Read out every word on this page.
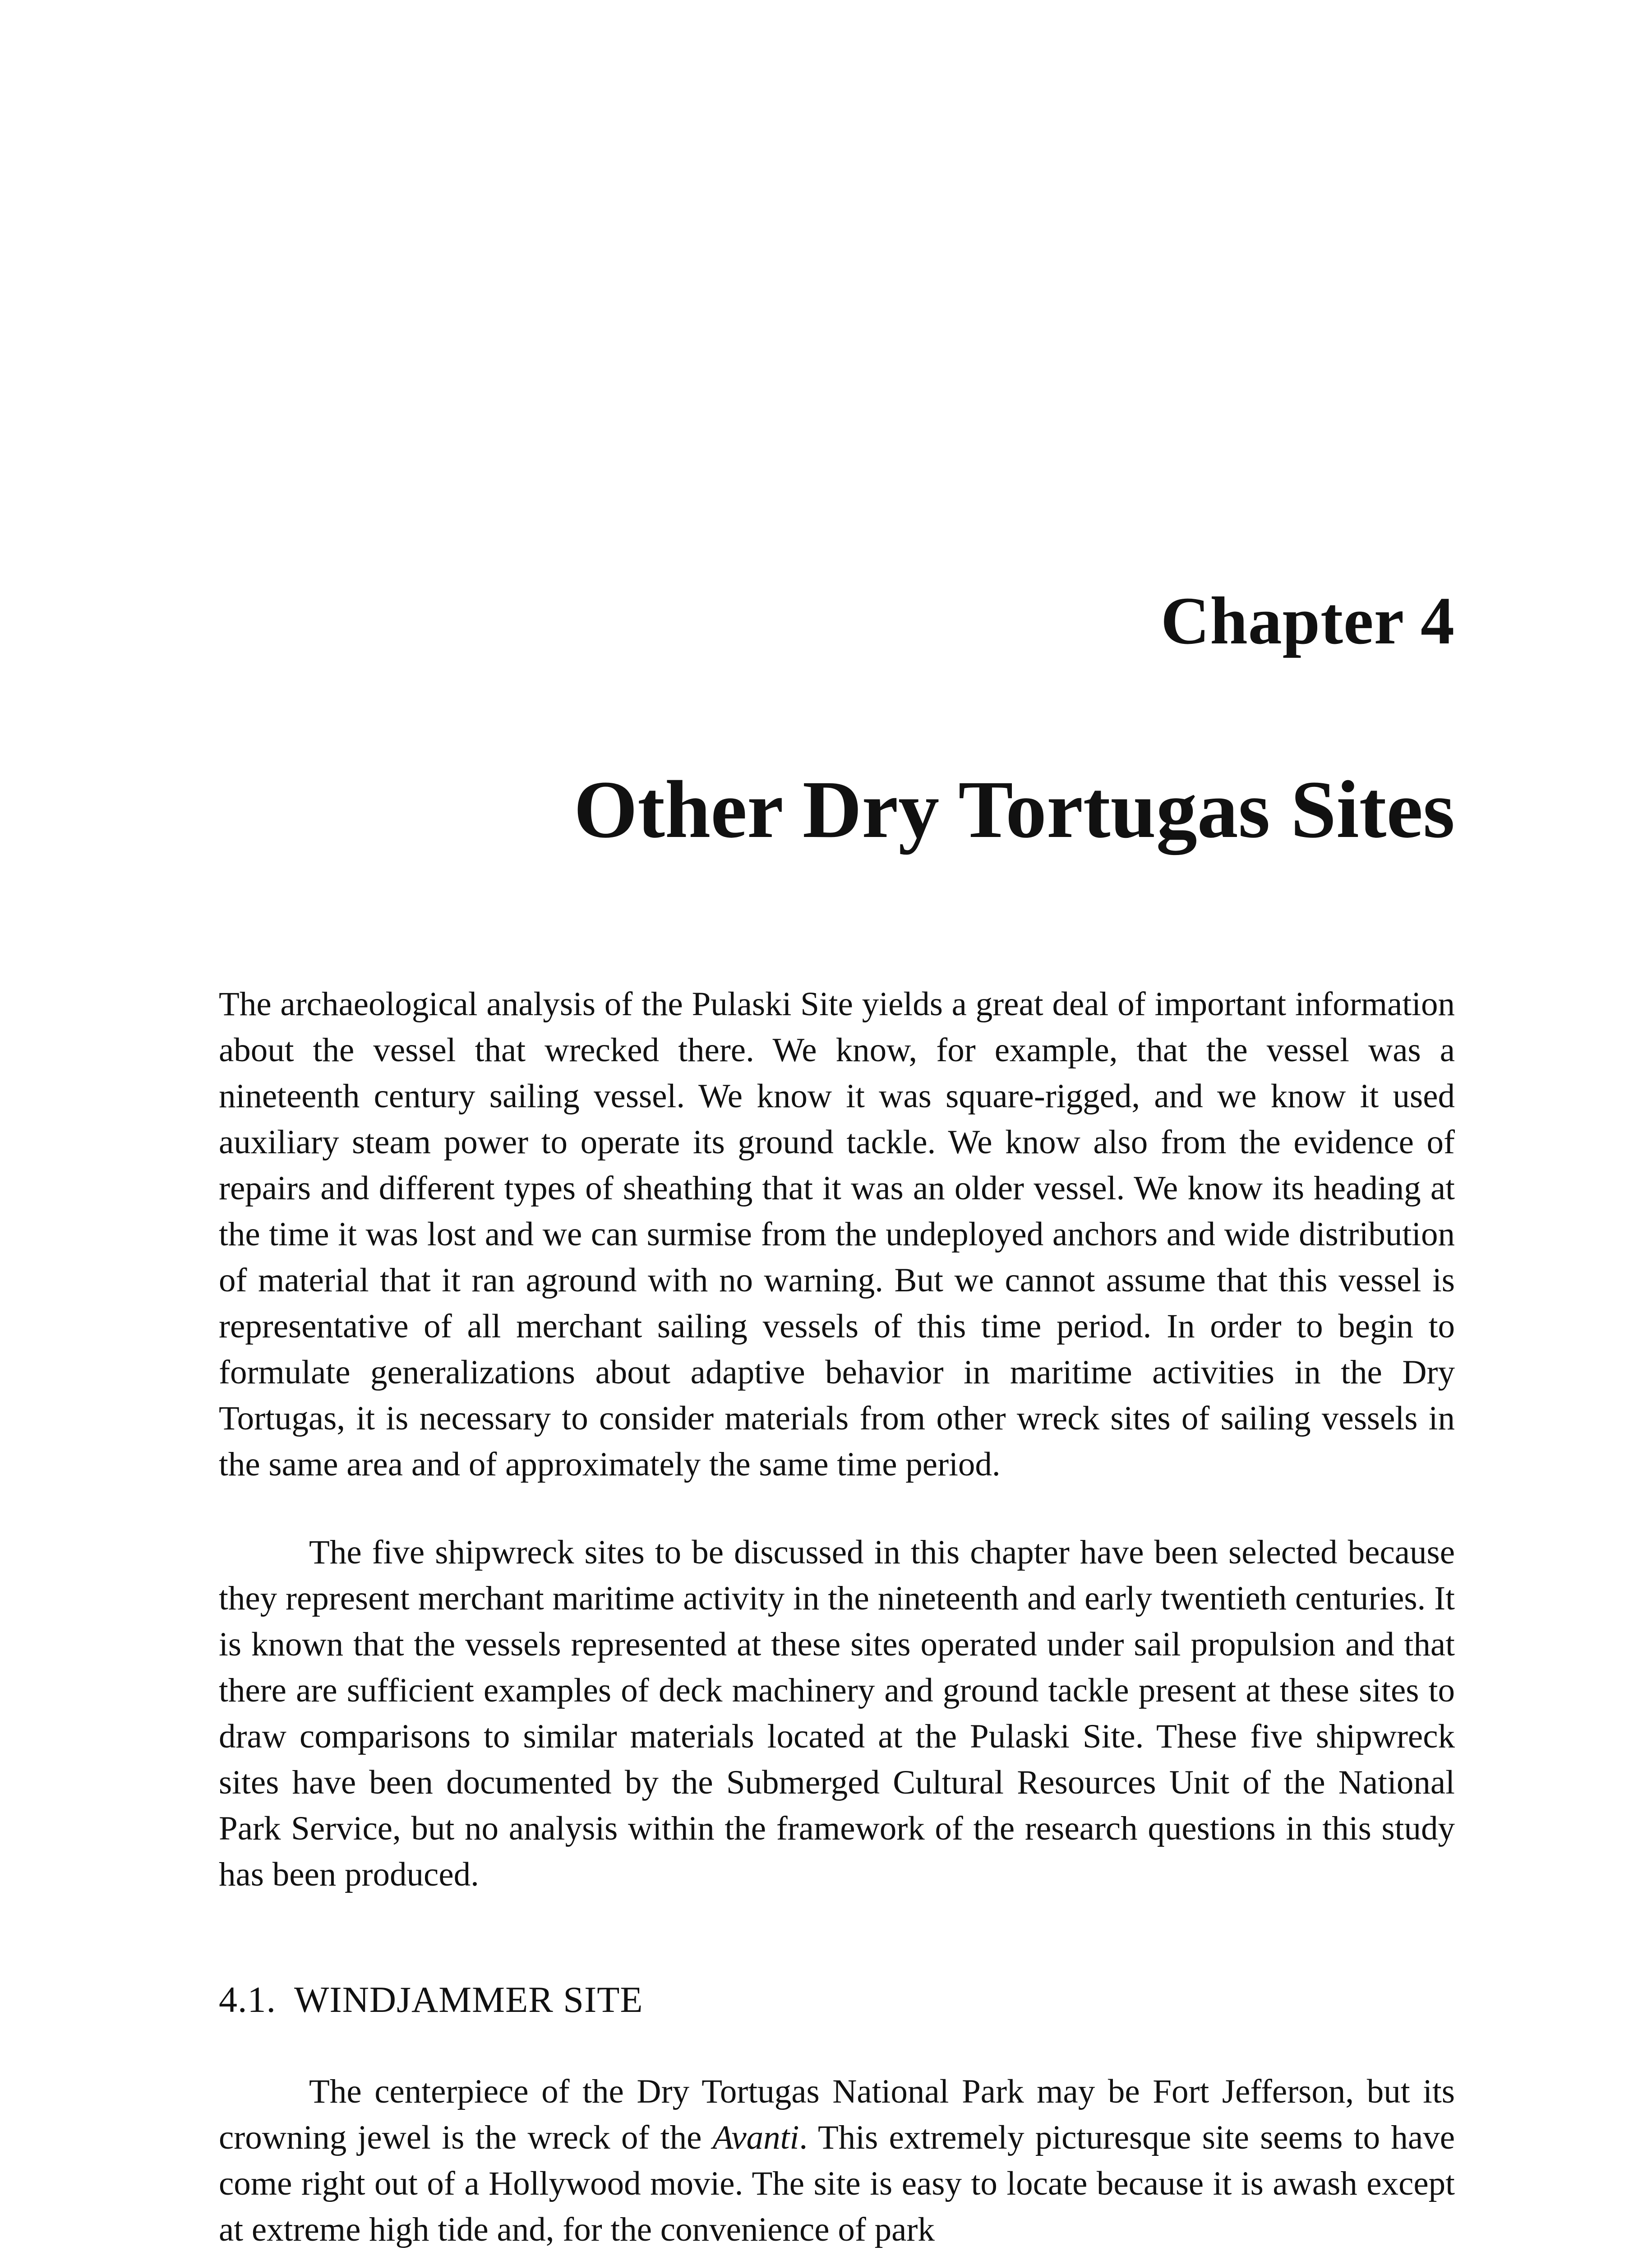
Chapter 4
Other Dry Tortugas Sites

The archaeological analysis of the Pulaski Site yields a great deal of important information about the vessel that wrecked there. We know, for example, that the vessel was a nineteenth century sailing vessel. We know it was square-rigged, and we know it used auxiliary steam power to operate its ground tackle. We know also from the evidence of repairs and different types of sheathing that it was an older vessel. We know its heading at the time it was lost and we can surmise from the undeployed anchors and wide distribution of material that it ran aground with no warning. But we cannot assume that this vessel is representative of all merchant sailing vessels of this time period. In order to begin to formulate generalizations about adaptive behavior in maritime activities in the Dry Tortugas, it is necessary to consider materials from other wreck sites of sailing vessels in the same area and of approximately the same time period.

The five shipwreck sites to be discussed in this chapter have been selected because they represent merchant maritime activity in the nineteenth and early twentieth centuries. It is known that the vessels represented at these sites operated under sail propulsion and that there are sufficient examples of deck machinery and ground tackle present at these sites to draw comparisons to similar materials located at the Pulaski Site. These five shipwreck sites have been documented by the Submerged Cultural Resources Unit of the National Park Service, but no analysis within the framework of the research questions in this study has been produced.

4.1. WINDJAMMER SITE

The centerpiece of the Dry Tortugas National Park may be Fort Jefferson, but its crowning jewel is the wreck of the Avanti. This extremely picturesque site seems to have come right out of a Hollywood movie. The site is easy to locate because it is awash except at extreme high tide and, for the convenience of park
